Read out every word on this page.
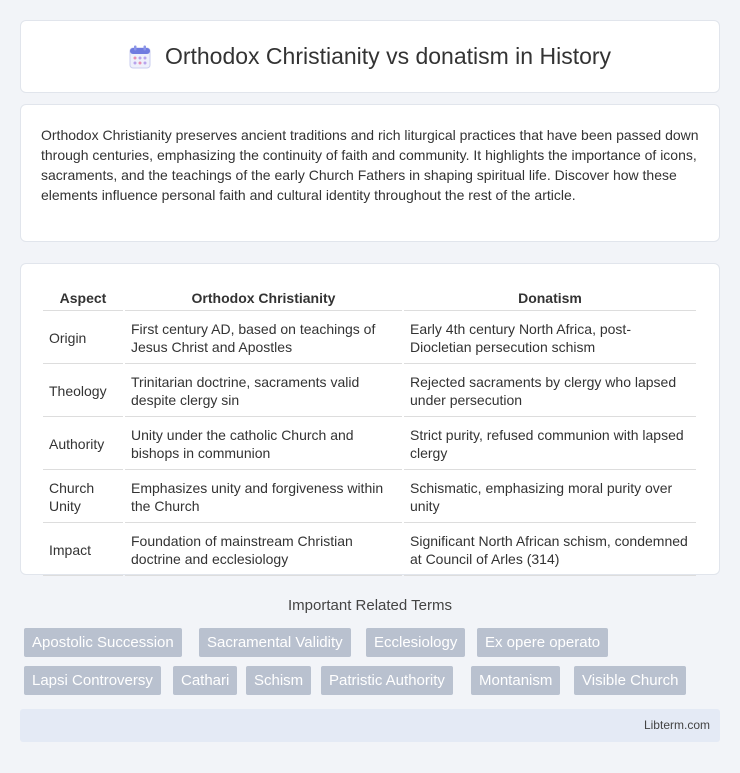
Orthodox Christianity vs donatism in History

Orthodox Christianity preserves ancient traditions and rich liturgical practices that have been passed down through centuries, emphasizing the continuity of faith and community. It highlights the importance of icons, sacraments, and the teachings of the early Church Fathers in shaping spiritual life. Discover how these elements influence personal faith and cultural identity throughout the rest of the article.

Aspect	Orthodox Christianity	Donatism
Origin	First century AD, based on teachings of Jesus Christ and Apostles	Early 4th century North Africa, post-Diocletian persecution schism
Theology	Trinitarian doctrine, sacraments valid despite clergy sin	Rejected sacraments by clergy who lapsed under persecution
Authority	Unity under the catholic Church and bishops in communion	Strict purity, refused communion with lapsed clergy
Church Unity	Emphasizes unity and forgiveness within the Church	Schismatic, emphasizing moral purity over unity
Impact	Foundation of mainstream Christian doctrine and ecclesiology	Significant North African schism, condemned at Council of Arles (314)
Important Related Terms
Apostolic Succession	Sacramental Validity	Ecclesiology	Ex opere operato
Lapsi Controversy	Cathari	Schism	Patristic Authority	Montanism	Visible Church
Libterm.com
